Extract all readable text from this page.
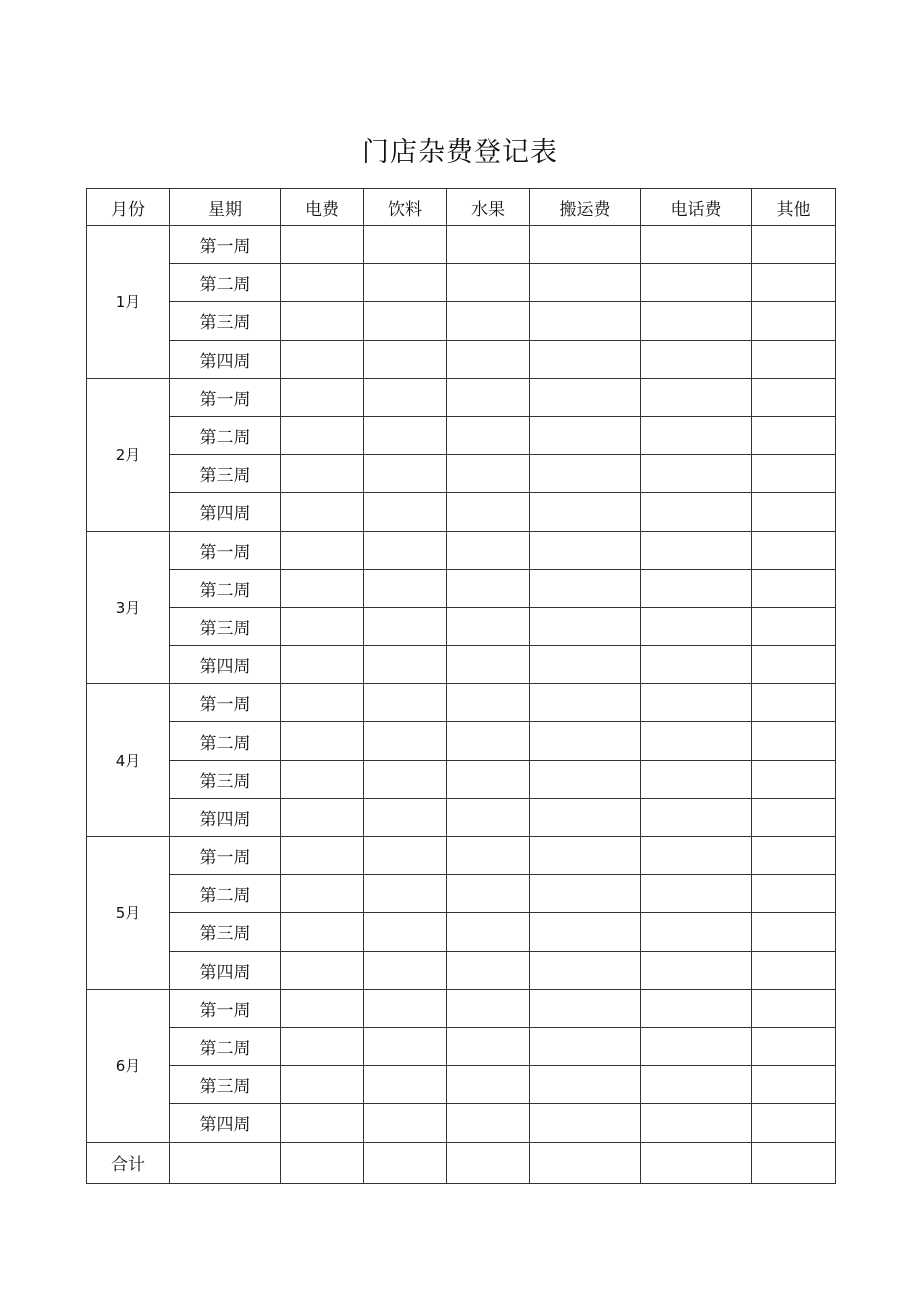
门店杂费登记表
月份	星期	电费	饮料	水果	搬运费	电话费	其他
1月	第一周						
	第二周						
	第三周						
	第四周						
2月	第一周						
	第二周						
	第三周						
	第四周						
3月	第一周						
	第二周						
	第三周						
	第四周						
4月	第一周						
	第二周						
	第三周						
	第四周						
5月	第一周						
	第二周						
	第三周						
	第四周						
6月	第一周						
	第二周						
	第三周						
	第四周						
合计							
